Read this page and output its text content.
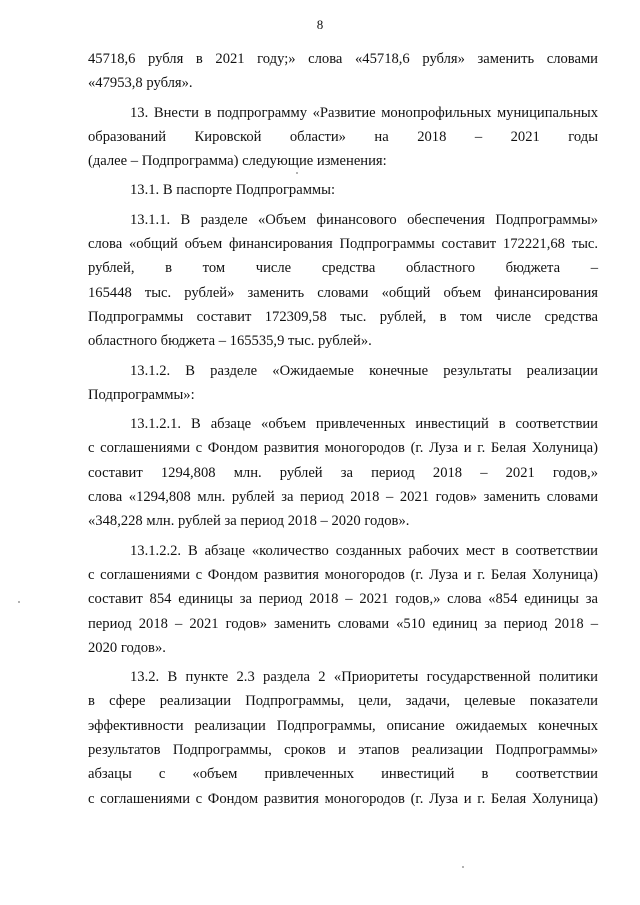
8
45718,6 рубля в 2021 году;» слова «45718,6 рубля» заменить словами
«47953,8 рубля».
13. Внести в подпрограмму «Развитие монопрофильных муниципальных
образований Кировской области» на 2018 – 2021 годы
(далее – Подпрограмма) следующие изменения:
13.1. В паспорте Подпрограммы:
13.1.1. В разделе «Объем финансового обеспечения Подпрограммы»
слова «общий объем финансирования Подпрограммы составит 172221,68 тыс.
рублей, в том числе средства областного бюджета –
165448 тыс. рублей» заменить словами «общий объем финансирования
Подпрограммы составит 172309,58 тыс. рублей, в том числе средства
областного бюджета – 165535,9 тыс. рублей».
13.1.2. В разделе «Ожидаемые конечные результаты реализации
Подпрограммы»:
13.1.2.1. В абзаце «объем привлеченных инвестиций в соответствии
с соглашениями с Фондом развития моногородов (г. Луза и г. Белая Холуница)
составит 1294,808 млн. рублей за период 2018 – 2021 годов,»
слова «1294,808 млн. рублей за период 2018 – 2021 годов» заменить словами
«348,228 млн. рублей за период 2018 – 2020 годов».
13.1.2.2. В абзаце «количество созданных рабочих мест в соответствии
с соглашениями с Фондом развития моногородов (г. Луза и г. Белая Холуница)
составит 854 единицы за период 2018 – 2021 годов,» слова «854 единицы за
период 2018 – 2021 годов» заменить словами «510 единиц за период 2018 –
2020 годов».
13.2. В пункте 2.3 раздела 2 «Приоритеты государственной политики
в сфере реализации Подпрограммы, цели, задачи, целевые показатели
эффективности реализации Подпрограммы, описание ожидаемых конечных
результатов Подпрограммы, сроков и этапов реализации Подпрограммы»
абзацы с «объем привлеченных инвестиций в соответствии
с соглашениями с Фондом развития моногородов (г. Луза и г. Белая Холуница)
